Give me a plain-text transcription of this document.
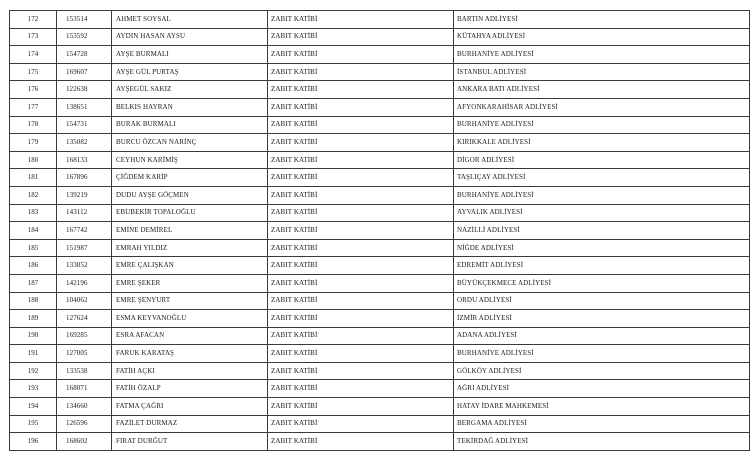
172	153514	AHMET SOYSAL	ZABIT KATİBİ	BARTIN ADLİYESİ
173	153592	AYDIN HASAN AYSU	ZABIT KATİBİ	KÜTAHYA ADLİYESİ
174	154728	AYŞE BURMALI	ZABIT KATİBİ	BURHANİYE ADLİYESİ
175	169607	AYŞE GÜL PURTAŞ	ZABIT KATİBİ	İSTANBUL ADLİYESİ
176	122638	AYŞEGÜL SAKIZ	ZABIT KATİBİ	ANKARA BATI ADLİYESİ
177	138651	BELKIS HAYRAN	ZABIT KATİBİ	AFYONKARAHİSAR ADLİYESİ
178	154731	BURAK BURMALI	ZABIT KATİBİ	BURHANİYE ADLİYESİ
179	135082	BURCU ÖZCAN NARİNÇ	ZABIT KATİBİ	KIRIKKALE ADLİYESİ
180	168133	CEYHUN KARİMİŞ	ZABIT KATİBİ	DİGOR ADLİYESİ
181	167896	ÇİĞDEM KARİP	ZABIT KATİBİ	TAŞLIÇAY ADLİYESİ
182	139219	DUDU AYŞE GÖÇMEN	ZABIT KATİBİ	BURHANİYE ADLİYESİ
183	143112	EBUBEKİR TOPALOĞLU	ZABIT KATİBİ	AYVALIK ADLİYESİ
184	167742	EMİNE DEMİREL	ZABIT KATİBİ	NAZİLLİ ADLİYESİ
185	151987	EMRAH YILDIZ	ZABIT KATİBİ	NİĞDE ADLİYESİ
186	133852	EMRE ÇALIŞKAN	ZABIT KATİBİ	EDREMİT ADLİYESİ
187	142196	EMRE ŞEKER	ZABIT KATİBİ	BÜYÜKÇEKMECE ADLİYESİ
188	104062	EMRE ŞENYURT	ZABIT KATİBİ	ORDU ADLİYESİ
189	127624	ESMA KEYVANOĞLU	ZABIT KATİBİ	İZMİR ADLİYESİ
190	169285	ESRA AFACAN	ZABIT KATİBİ	ADANA ADLİYESİ
191	127005	FARUK KARATAŞ	ZABIT KATİBİ	BURHANİYE ADLİYESİ
192	133538	FATİH AÇKI	ZABIT KATİBİ	GÖLKÖY ADLİYESİ
193	168071	FATİH ÖZALP	ZABIT KATİBİ	AĞRI ADLİYESİ
194	134660	FATMA ÇAĞRI	ZABIT KATİBİ	HATAY İDARE MAHKEMESİ
195	126596	FAZİLET DURMAZ	ZABIT KATİBİ	BERGAMA ADLİYESİ
196	168602	FIRAT DURĞUT	ZABIT KATİBİ	TEKİRDAĞ ADLİYESİ
